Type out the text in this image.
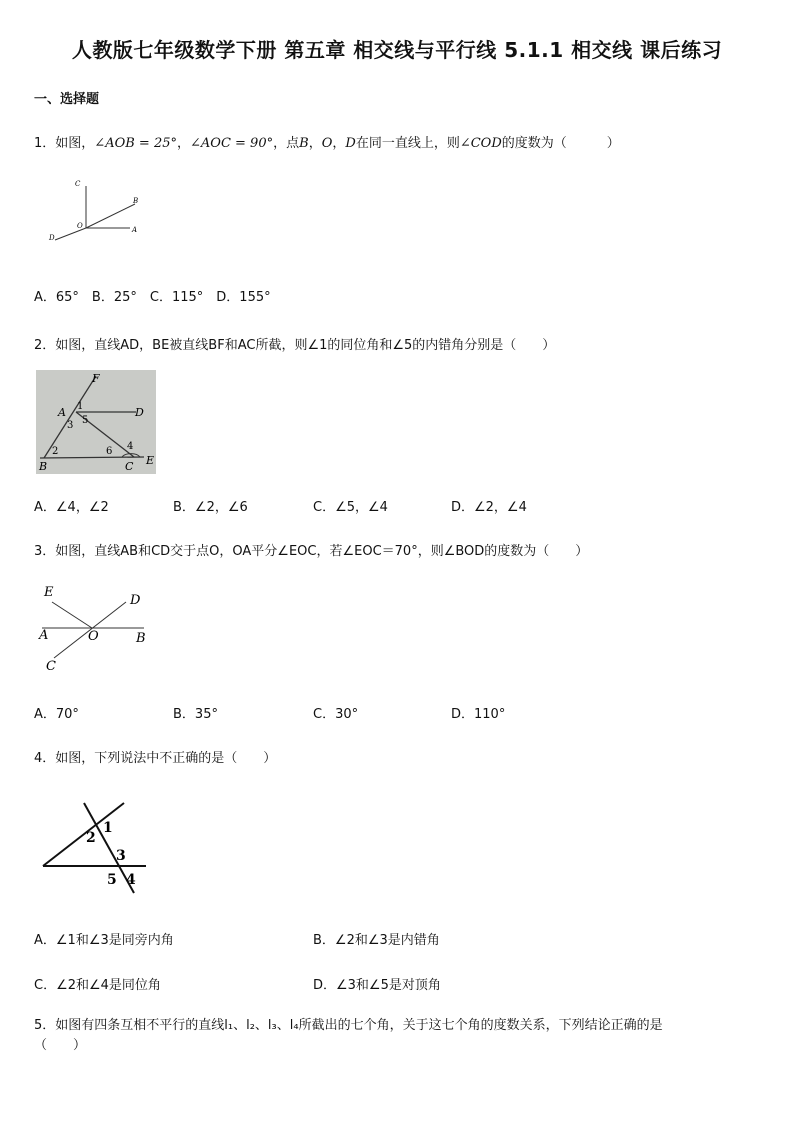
人教版七年级数学下册 第五章 相交线与平行线 5.1.1 相交线 课后练习
一、选择题
1．如图，∠AOB = 25°，∠AOC = 90°，点B，O，D在同一直线上，则∠COD的度数为（	）
C
B
O	A
D
A．65°　B．25°　C．115°　D．155°
2．如图，直线AD，BE被直线BF和AC所截，则∠1的同位角和∠5的内错角分别是（　　）
F
A 1	D
3 5
2	6 4
B	C E
A．∠4，∠2	B．∠2，∠6	C．∠5，∠4	D．∠2，∠4
3．如图，直线AB和CD交于点O，OA平分∠EOC，若∠EOC＝70°，则∠BOD的度数为（　　）
E
D
A	O	B
C
A．70°	B．35°	C．30°	D．110°
4．如图，下列说法中不正确的是（　　）
1
2
3
4
5
A．∠1和∠3是同旁内角	B．∠2和∠3是内错角
C．∠2和∠4是同位角	D．∠3和∠5是对顶角
5．如图有四条互相不平行的直线l₁、l₂、l₃、l₄所截出的七个角，关于这七个角的度数关系，下列结论正确的是
（　　）
